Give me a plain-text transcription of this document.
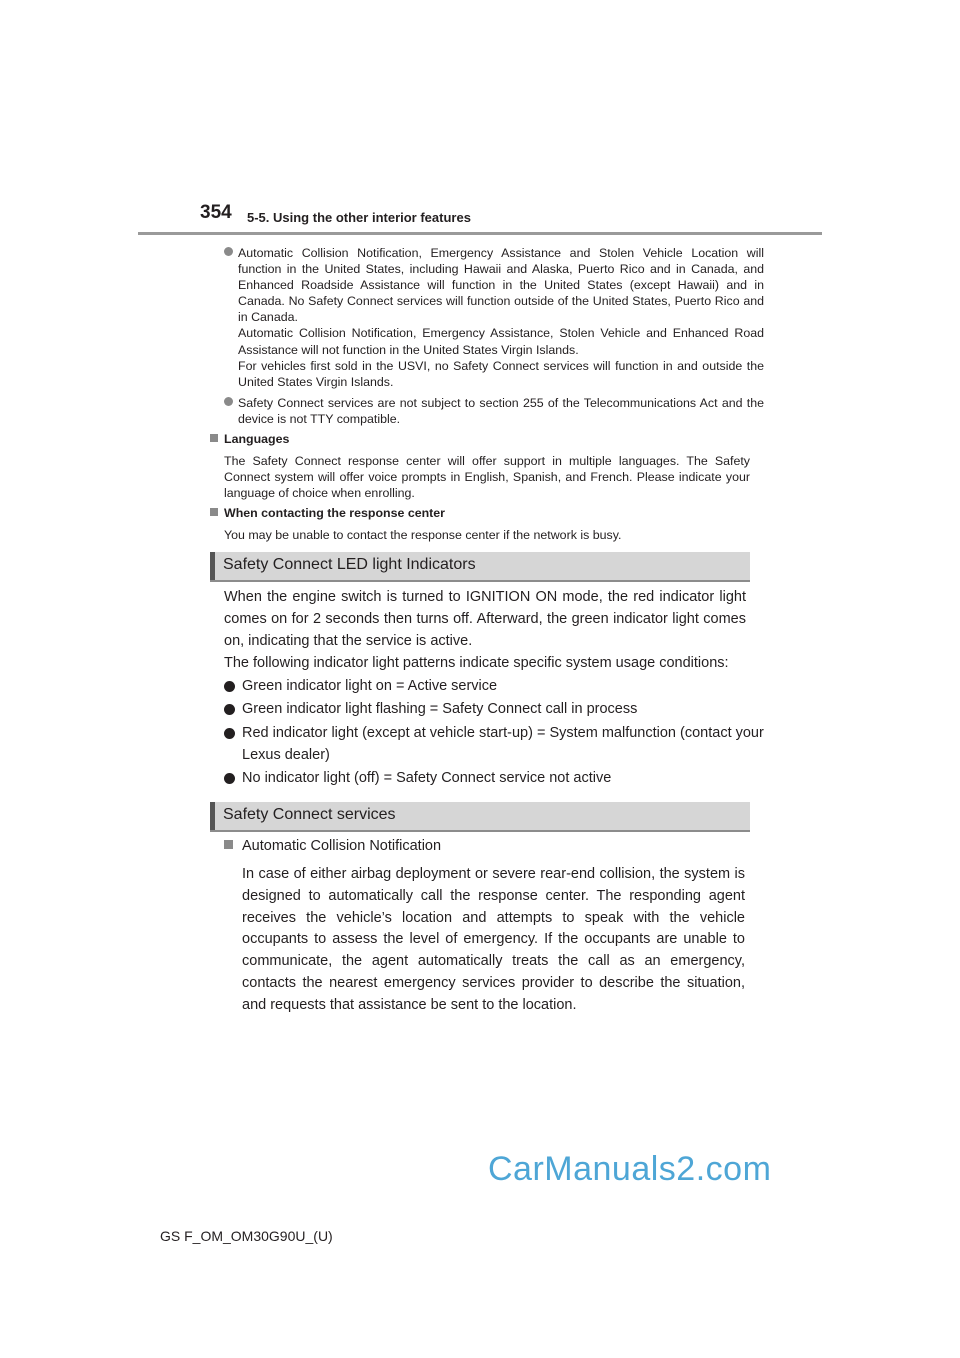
354 5-5. Using the other interior features
Automatic Collision Notification, Emergency Assistance and Stolen Vehicle Location will function in the United States, including Hawaii and Alaska, Puerto Rico and in Canada, and Enhanced Roadside Assistance will function in the United States (except Hawaii) and in Canada. No Safety Connect services will function outside of the United States, Puerto Rico and in Canada.
Automatic Collision Notification, Emergency Assistance, Stolen Vehicle and Enhanced Road Assistance will not function in the United States Virgin Islands.
For vehicles first sold in the USVI, no Safety Connect services will function in and outside the United States Virgin Islands.
Safety Connect services are not subject to section 255 of the Telecommunications Act and the device is not TTY compatible.
Languages
The Safety Connect response center will offer support in multiple languages. The Safety Connect system will offer voice prompts in English, Spanish, and French. Please indicate your language of choice when enrolling.
When contacting the response center
You may be unable to contact the response center if the network is busy.
Safety Connect LED light Indicators
When the engine switch is turned to IGNITION ON mode, the red indicator light comes on for 2 seconds then turns off. Afterward, the green indicator light comes on, indicating that the service is active.
The following indicator light patterns indicate specific system usage conditions:
Green indicator light on = Active service
Green indicator light flashing = Safety Connect call in process
Red indicator light (except at vehicle start-up) = System malfunction (contact your Lexus dealer)
No indicator light (off) = Safety Connect service not active
Safety Connect services
Automatic Collision Notification
In case of either airbag deployment or severe rear-end collision, the system is designed to automatically call the response center. The responding agent receives the vehicle’s location and attempts to speak with the vehicle occupants to assess the level of emergency. If the occupants are unable to communicate, the agent automatically treats the call as an emergency, contacts the nearest emergency services provider to describe the situation, and requests that assistance be sent to the location.
CarManuals2.com
GS F_OM_OM30G90U_(U)
